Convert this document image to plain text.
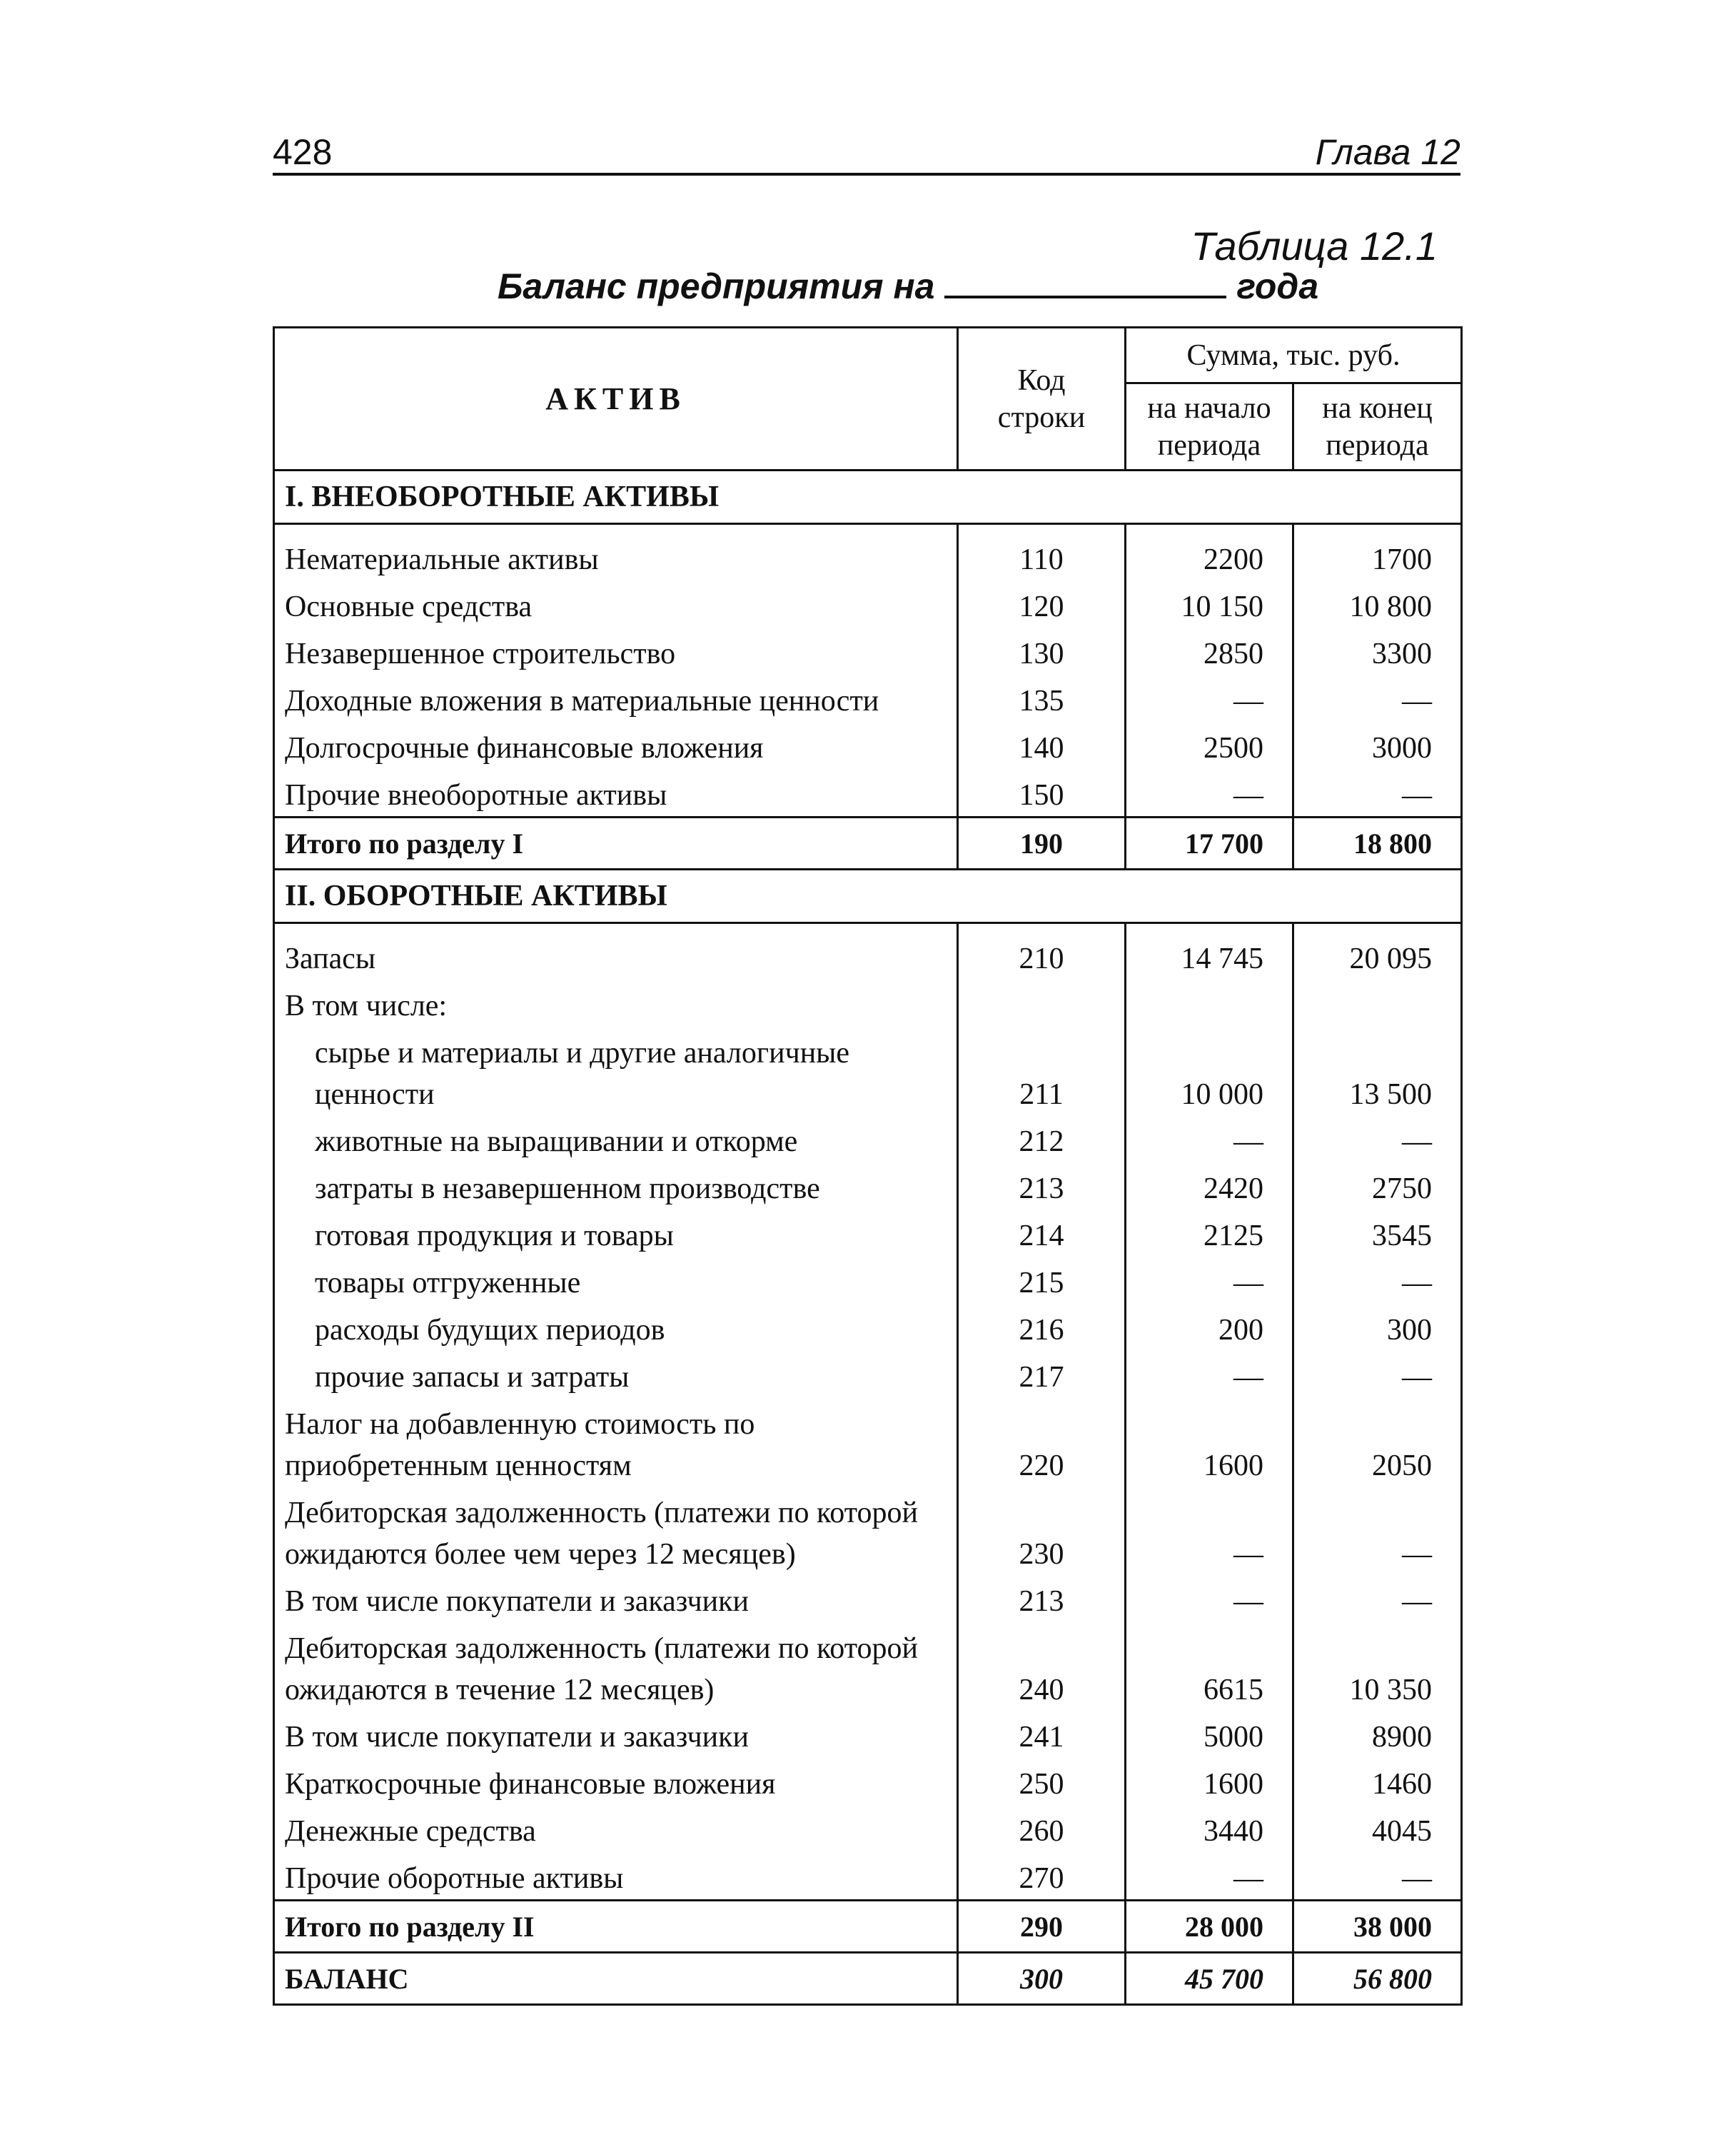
428	Глава 12
Таблица 12.1
Баланс предприятия на	года
АКТИВ	Код строки	Сумма, тыс. руб.	
		на начало периода	на конец периода
I. ВНЕОБОРОТНЫЕ АКТИВЫ			
Нематериальные активы	110	2200	1700
Основные средства	120	10 150	10 800
Незавершенное строительство	130	2850	3300
Доходные вложения в материальные ценности	135	—	—
Долгосрочные финансовые вложения	140	2500	3000
Прочие внеоборотные активы	150	—	—
Итого по разделу I	190	17 700	18 800
II. ОБОРОТНЫЕ АКТИВЫ			
Запасы	210	14 745	20 095
В том числе:			
сырье и материалы и другие аналогичные ценности	211	10 000	13 500
животные на выращивании и откорме	212	—	—
затраты в незавершенном производстве	213	2420	2750
готовая продукция и товары	214	2125	3545
товары отгруженные	215	—	—
расходы будущих периодов	216	200	300
прочие запасы и затраты	217	—	—
Налог на добавленную стоимость по приобретенным ценностям	220	1600	2050
Дебиторская задолженность (платежи по которой ожидаются более чем через 12 месяцев)	230	—	—
В том числе покупатели и заказчики	213	—	—
Дебиторская задолженность (платежи по которой ожидаются в течение 12 месяцев)	240	6615	10 350
В том числе покупатели и заказчики	241	5000	8900
Краткосрочные финансовые вложения	250	1600	1460
Денежные средства	260	3440	4045
Прочие оборотные активы	270	—	—
Итого по разделу II	290	28 000	38 000
БАЛАНС	300	45 700	56 800
